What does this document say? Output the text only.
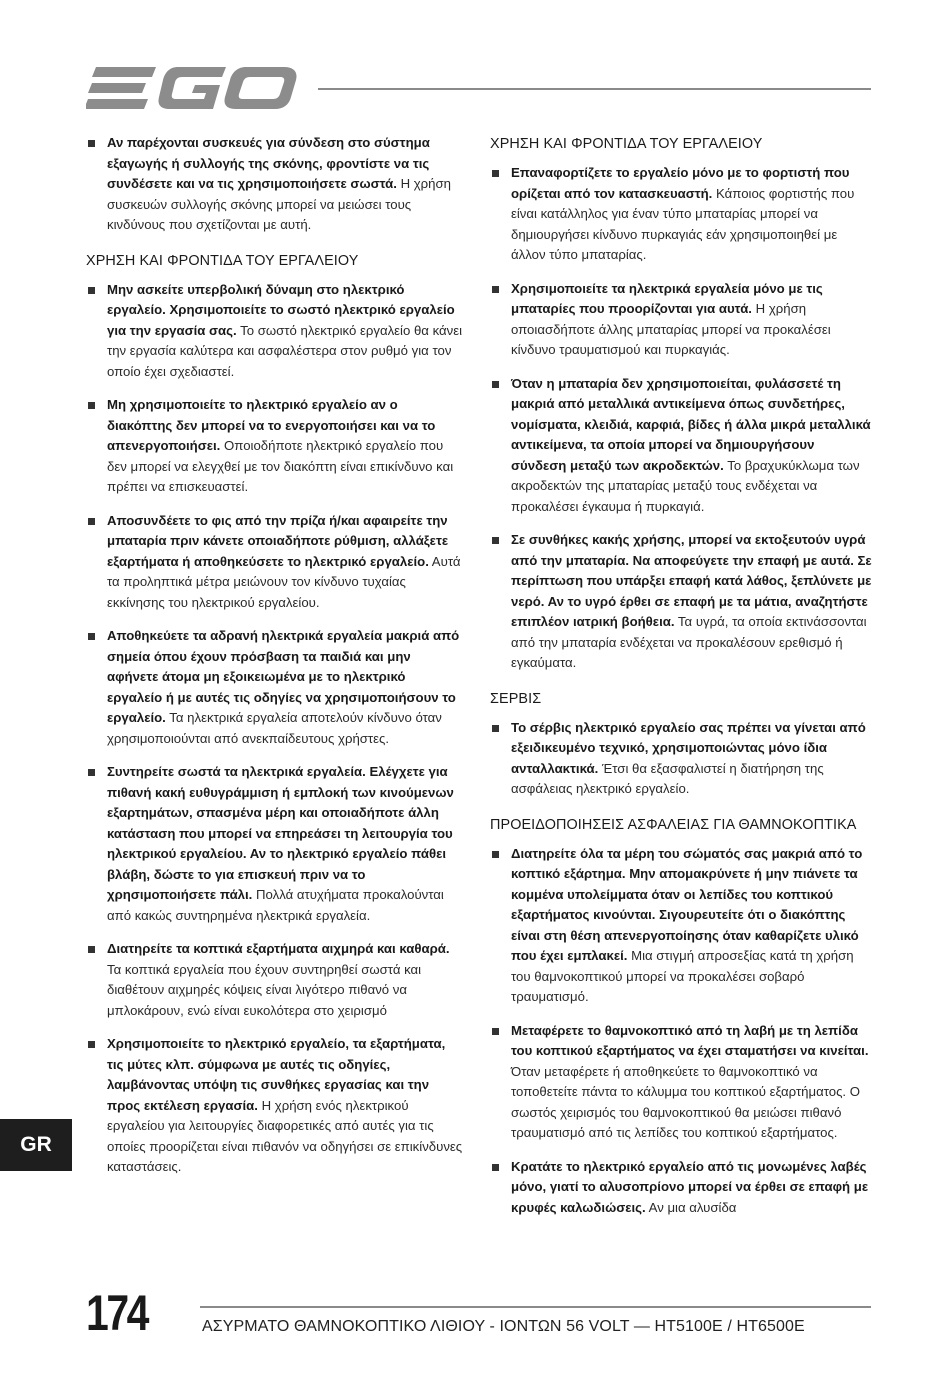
Αν παρέχονται συσκευές για σύνδεση στο σύστημα εξαγωγής ή συλλογής της σκόνης, φροντίστε να τις συνδέσετε και να τις χρησιμοποιήσετε σωστά. Η χρήση συσκευών συλλογής σκόνης μπορεί να μειώσει τους κινδύνους που σχετίζονται με αυτή.
ΧΡΗΣΗ ΚΑΙ ΦΡΟΝΤΙΔΑ ΤΟΥ ΕΡΓΑΛΕΙΟΥ
Μην ασκείτε υπερβολική δύναμη στο ηλεκτρικό εργαλείο. Χρησιμοποιείτε το σωστό ηλεκτρικό εργαλείο για την εργασία σας. Το σωστό ηλεκτρικό εργαλείο θα κάνει την εργασία καλύτερα και ασφαλέστερα στον ρυθμό για τον οποίο έχει σχεδιαστεί.
Μη χρησιμοποιείτε το ηλεκτρικό εργαλείο αν ο διακόπτης δεν μπορεί να το ενεργοποιήσει και να το απενεργοποιήσει. Οποιοδήποτε ηλεκτρικό εργαλείο που δεν μπορεί να ελεγχθεί με τον διακόπτη είναι επικίνδυνο και πρέπει να επισκευαστεί.
Αποσυνδέετε το φις από την πρίζα ή/και αφαιρείτε την μπαταρία πριν κάνετε οποιαδήποτε ρύθμιση, αλλάξετε εξαρτήματα ή αποθηκεύσετε το ηλεκτρικό εργαλείο. Αυτά τα προληπτικά μέτρα μειώνουν τον κίνδυνο τυχαίας εκκίνησης του ηλεκτρικού εργαλείου.
Αποθηκεύετε τα αδρανή ηλεκτρικά εργαλεία μακριά από σημεία όπου έχουν πρόσβαση τα παιδιά και μην αφήνετε άτομα μη εξοικειωμένα με το ηλεκτρικό εργαλείο ή με αυτές τις οδηγίες να χρησιμοποιήσουν το εργαλείο. Τα ηλεκτρικά εργαλεία αποτελούν κίνδυνο όταν χρησιμοποιούνται από ανεκπαίδευτους χρήστες.
Συντηρείτε σωστά τα ηλεκτρικά εργαλεία. Ελέγχετε για πιθανή κακή ευθυγράμμιση ή εμπλοκή των κινούμενων εξαρτημάτων, σπασμένα μέρη και οποιαδήποτε άλλη κατάσταση που μπορεί να επηρεάσει τη λειτουργία του ηλεκτρικού εργαλείου. Αν το ηλεκτρικό εργαλείο πάθει βλάβη, δώστε το για επισκευή πριν να το χρησιμοποιήσετε πάλι. Πολλά ατυχήματα προκαλούνται από κακώς συντηρημένα ηλεκτρικά εργαλεία.
Διατηρείτε τα κοπτικά εξαρτήματα αιχμηρά και καθαρά. Τα κοπτικά εργαλεία που έχουν συντηρηθεί σωστά και διαθέτουν αιχμηρές κόψεις είναι λιγότερο πιθανό να μπλοκάρουν, ενώ είναι ευκολότερα στο χειρισμό
Χρησιμοποιείτε το ηλεκτρικό εργαλείο, τα εξαρτήματα, τις μύτες κλπ. σύμφωνα με αυτές τις οδηγίες, λαμβάνοντας υπόψη τις συνθήκες εργασίας και την προς εκτέλεση εργασία. Η χρήση ενός ηλεκτρικού εργαλείου για λειτουργίες διαφορετικές από αυτές για τις οποίες προορίζεται είναι πιθανόν να οδηγήσει σε επικίνδυνες καταστάσεις.
ΧΡΗΣΗ ΚΑΙ ΦΡΟΝΤΙΔΑ ΤΟΥ ΕΡΓΑΛΕΙΟΥ
Επαναφορτίζετε το εργαλείο μόνο με το φορτιστή που ορίζεται από τον κατασκευαστή. Κάποιος φορτιστής που είναι κατάλληλος για έναν τύπο μπαταρίας μπορεί να δημιουργήσει κίνδυνο πυρκαγιάς εάν χρησιμοποιηθεί με άλλον τύπο μπαταρίας.
Χρησιμοποιείτε τα ηλεκτρικά εργαλεία μόνο με τις μπαταρίες που προορίζονται για αυτά. Η χρήση οποιασδήποτε άλλης μπαταρίας μπορεί να προκαλέσει κίνδυνο τραυματισμού και πυρκαγιάς.
Όταν η μπαταρία δεν χρησιμοποιείται, φυλάσσετέ τη μακριά από μεταλλικά αντικείμενα όπως συνδετήρες, νομίσματα, κλειδιά, καρφιά, βίδες ή άλλα μικρά μεταλλικά αντικείμενα, τα οποία μπορεί να δημιουργήσουν σύνδεση μεταξύ των ακροδεκτών. Το βραχυκύκλωμα των ακροδεκτών της μπαταρίας μεταξύ τους ενδέχεται να προκαλέσει έγκαυμα ή πυρκαγιά.
Σε συνθήκες κακής χρήσης, μπορεί να εκτοξευτούν υγρά από την μπαταρία. Να αποφεύγετε την επαφή με αυτά. Σε περίπτωση που υπάρξει επαφή κατά λάθος, ξεπλύνετε με νερό. Αν το υγρό έρθει σε επαφή με τα μάτια, αναζητήστε επιπλέον ιατρική βοήθεια. Τα υγρά, τα οποία εκτινάσσονται από την μπαταρία ενδέχεται να προκαλέσουν ερεθισμό ή εγκαύματα.
ΣΕΡΒΙΣ
Το σέρβις ηλεκτρικό εργαλείο σας πρέπει να γίνεται από εξειδικευμένο τεχνικό, χρησιμοποιώντας μόνο ίδια ανταλλακτικά. Έτσι θα εξασφαλιστεί η διατήρηση της ασφάλειας ηλεκτρικό εργαλείο.
ΠΡΟΕΙΔΟΠΟΙΗΣΕΙΣ ΑΣΦΑΛΕΙΑΣ ΓΙΑ ΘΑΜΝΟΚΟΠΤΙΚΑ
Διατηρείτε όλα τα μέρη του σώματός σας μακριά από το κοπτικό εξάρτημα. Μην απομακρύνετε ή μην πιάνετε τα κομμένα υπολείμματα όταν οι λεπίδες του κοπτικού εξαρτήματος κινούνται. Σιγουρευτείτε ότι ο διακόπτης είναι στη θέση απενεργοποίησης όταν καθαρίζετε υλικό που έχει εμπλακεί. Μια στιγμή απροσεξίας κατά τη χρήση του θαμνοκοπτικού μπορεί να προκαλέσει σοβαρό τραυματισμό.
Μεταφέρετε το θαμνοκοπτικό από τη λαβή με τη λεπίδα του κοπτικού εξαρτήματος να έχει σταματήσει να κινείται. Όταν μεταφέρετε ή αποθηκεύετε το θαμνοκοπτικό να τοποθετείτε πάντα το κάλυμμα του κοπτικού εξαρτήματος. Ο σωστός χειρισμός του θαμνοκοπτικού θα μειώσει πιθανό τραυματισμό από τις λεπίδες του κοπτικού εξαρτήματος.
Κρατάτε το ηλεκτρικό εργαλείο από τις μονωμένες λαβές μόνο, γιατί το αλυσοπρίονο μπορεί να έρθει σε επαφή με κρυφές καλωδιώσεις. Αν μια αλυσίδα
GR
174	ΑΣΥΡΜΑΤΟ ΘΑΜΝΟΚΟΠΤΙΚΟ ΛΙΘΙΟΥ - ΙΟΝΤΩΝ 56 VOLT — HT5100E / HT6500E
